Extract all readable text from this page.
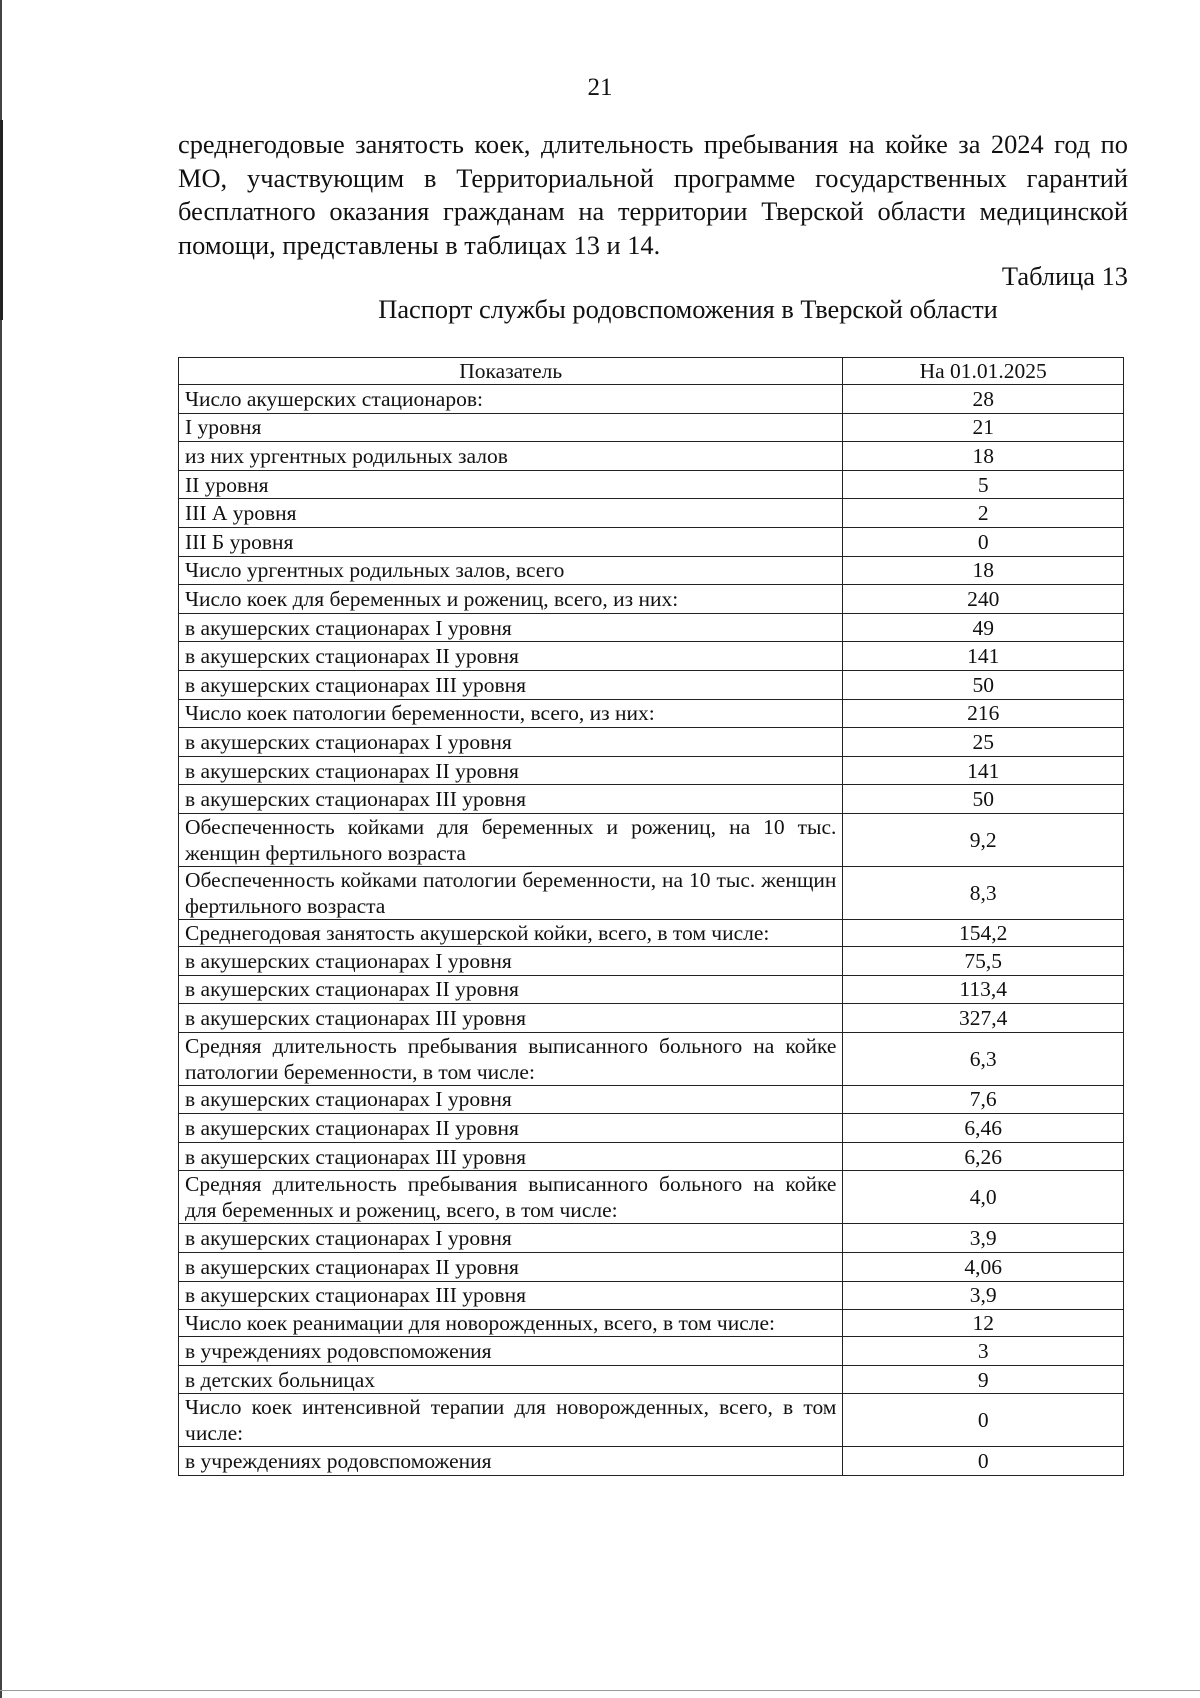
21

среднегодовые занятость коек, длительность пребывания на койке за 2024 год по МО, участвующим в Территориальной программе государственных гарантий бесплатного оказания гражданам на территории Тверской области медицинской помощи, представлены в таблицах 13 и 14.

Таблица 13
Паспорт службы родовспоможения в Тверской области
Показатель	На 01.01.2025
Число акушерских стационаров:	28
I уровня	21
из них ургентных родильных залов	18
II уровня	5
III А уровня	2
III Б уровня	0
Число ургентных родильных залов, всего	18
Число коек для беременных и рожениц, всего, из них:	240
в акушерских стационарах I уровня	49
в акушерских стационарах II уровня	141
в акушерских стационарах III уровня	50
Число коек патологии беременности, всего, из них:	216
в акушерских стационарах I уровня	25
в акушерских стационарах II уровня	141
в акушерских стационарах III уровня	50
Обеспеченность койками для беременных и рожениц, на 10 тыс. женщин фертильного возраста	9,2
Обеспеченность койками патологии беременности, на 10 тыс. женщин фертильного возраста	8,3
Среднегодовая занятость акушерской койки, всего, в том числе:	154,2
в акушерских стационарах I уровня	75,5
в акушерских стационарах II уровня	113,4
в акушерских стационарах III уровня	327,4
Средняя длительность пребывания выписанного больного на койке патологии беременности, в том числе:	6,3
в акушерских стационарах I уровня	7,6
в акушерских стационарах II уровня	6,46
в акушерских стационарах III уровня	6,26
Средняя длительность пребывания выписанного больного на койке для беременных и рожениц, всего, в том числе:	4,0
в акушерских стационарах I уровня	3,9
в акушерских стационарах II уровня	4,06
в акушерских стационарах III уровня	3,9
Число коек реанимации для новорожденных, всего, в том числе:	12
в учреждениях родовспоможения	3
в детских больницах	9
Число коек интенсивной терапии для новорожденных, всего, в том числе:	0
в учреждениях родовспоможения	0
